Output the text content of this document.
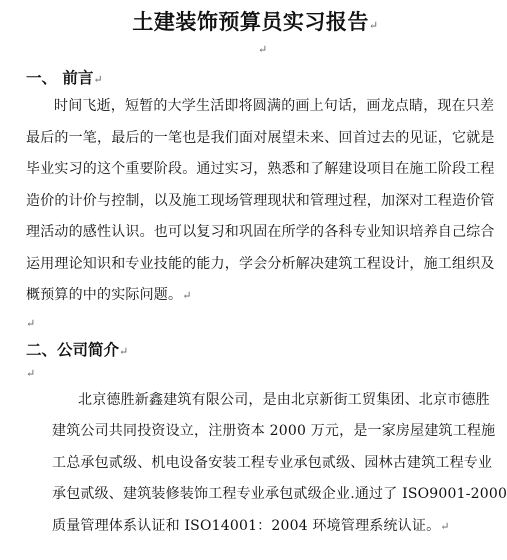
土建装饰预算员实习报告↵
↵
一、 前言↵
时间飞逝，短暂的大学生活即将圆满的画上句话，画龙点睛，现在只差
最后的一笔，最后的一笔也是我们面对展望未来、回首过去的见证，它就是
毕业实习的这个重要阶段。通过实习，熟悉和了解建设项目在施工阶段工程
造价的计价与控制，以及施工现场管理现状和管理过程，加深对工程造价管
理活动的感性认识。也可以复习和巩固在所学的各科专业知识培养自己综合
运用理论知识和专业技能的能力，学会分析解决建筑工程设计，施工组织及
概预算的中的实际问题。↵
↵
二、公司简介↵
↵
北京德胜新鑫建筑有限公司，是由北京新街工贸集团、北京市德胜
建筑公司共同投资设立，注册资本 2000 万元，是一家房屋建筑工程施
工总承包贰级、机电设备安装工程专业承包贰级、园林古建筑工程专业
承包贰级、建筑装修装饰工程专业承包贰级企业.通过了 ISO9001-2000
质量管理体系认证和 ISO14001：2004 环境管理系统认证。↵
